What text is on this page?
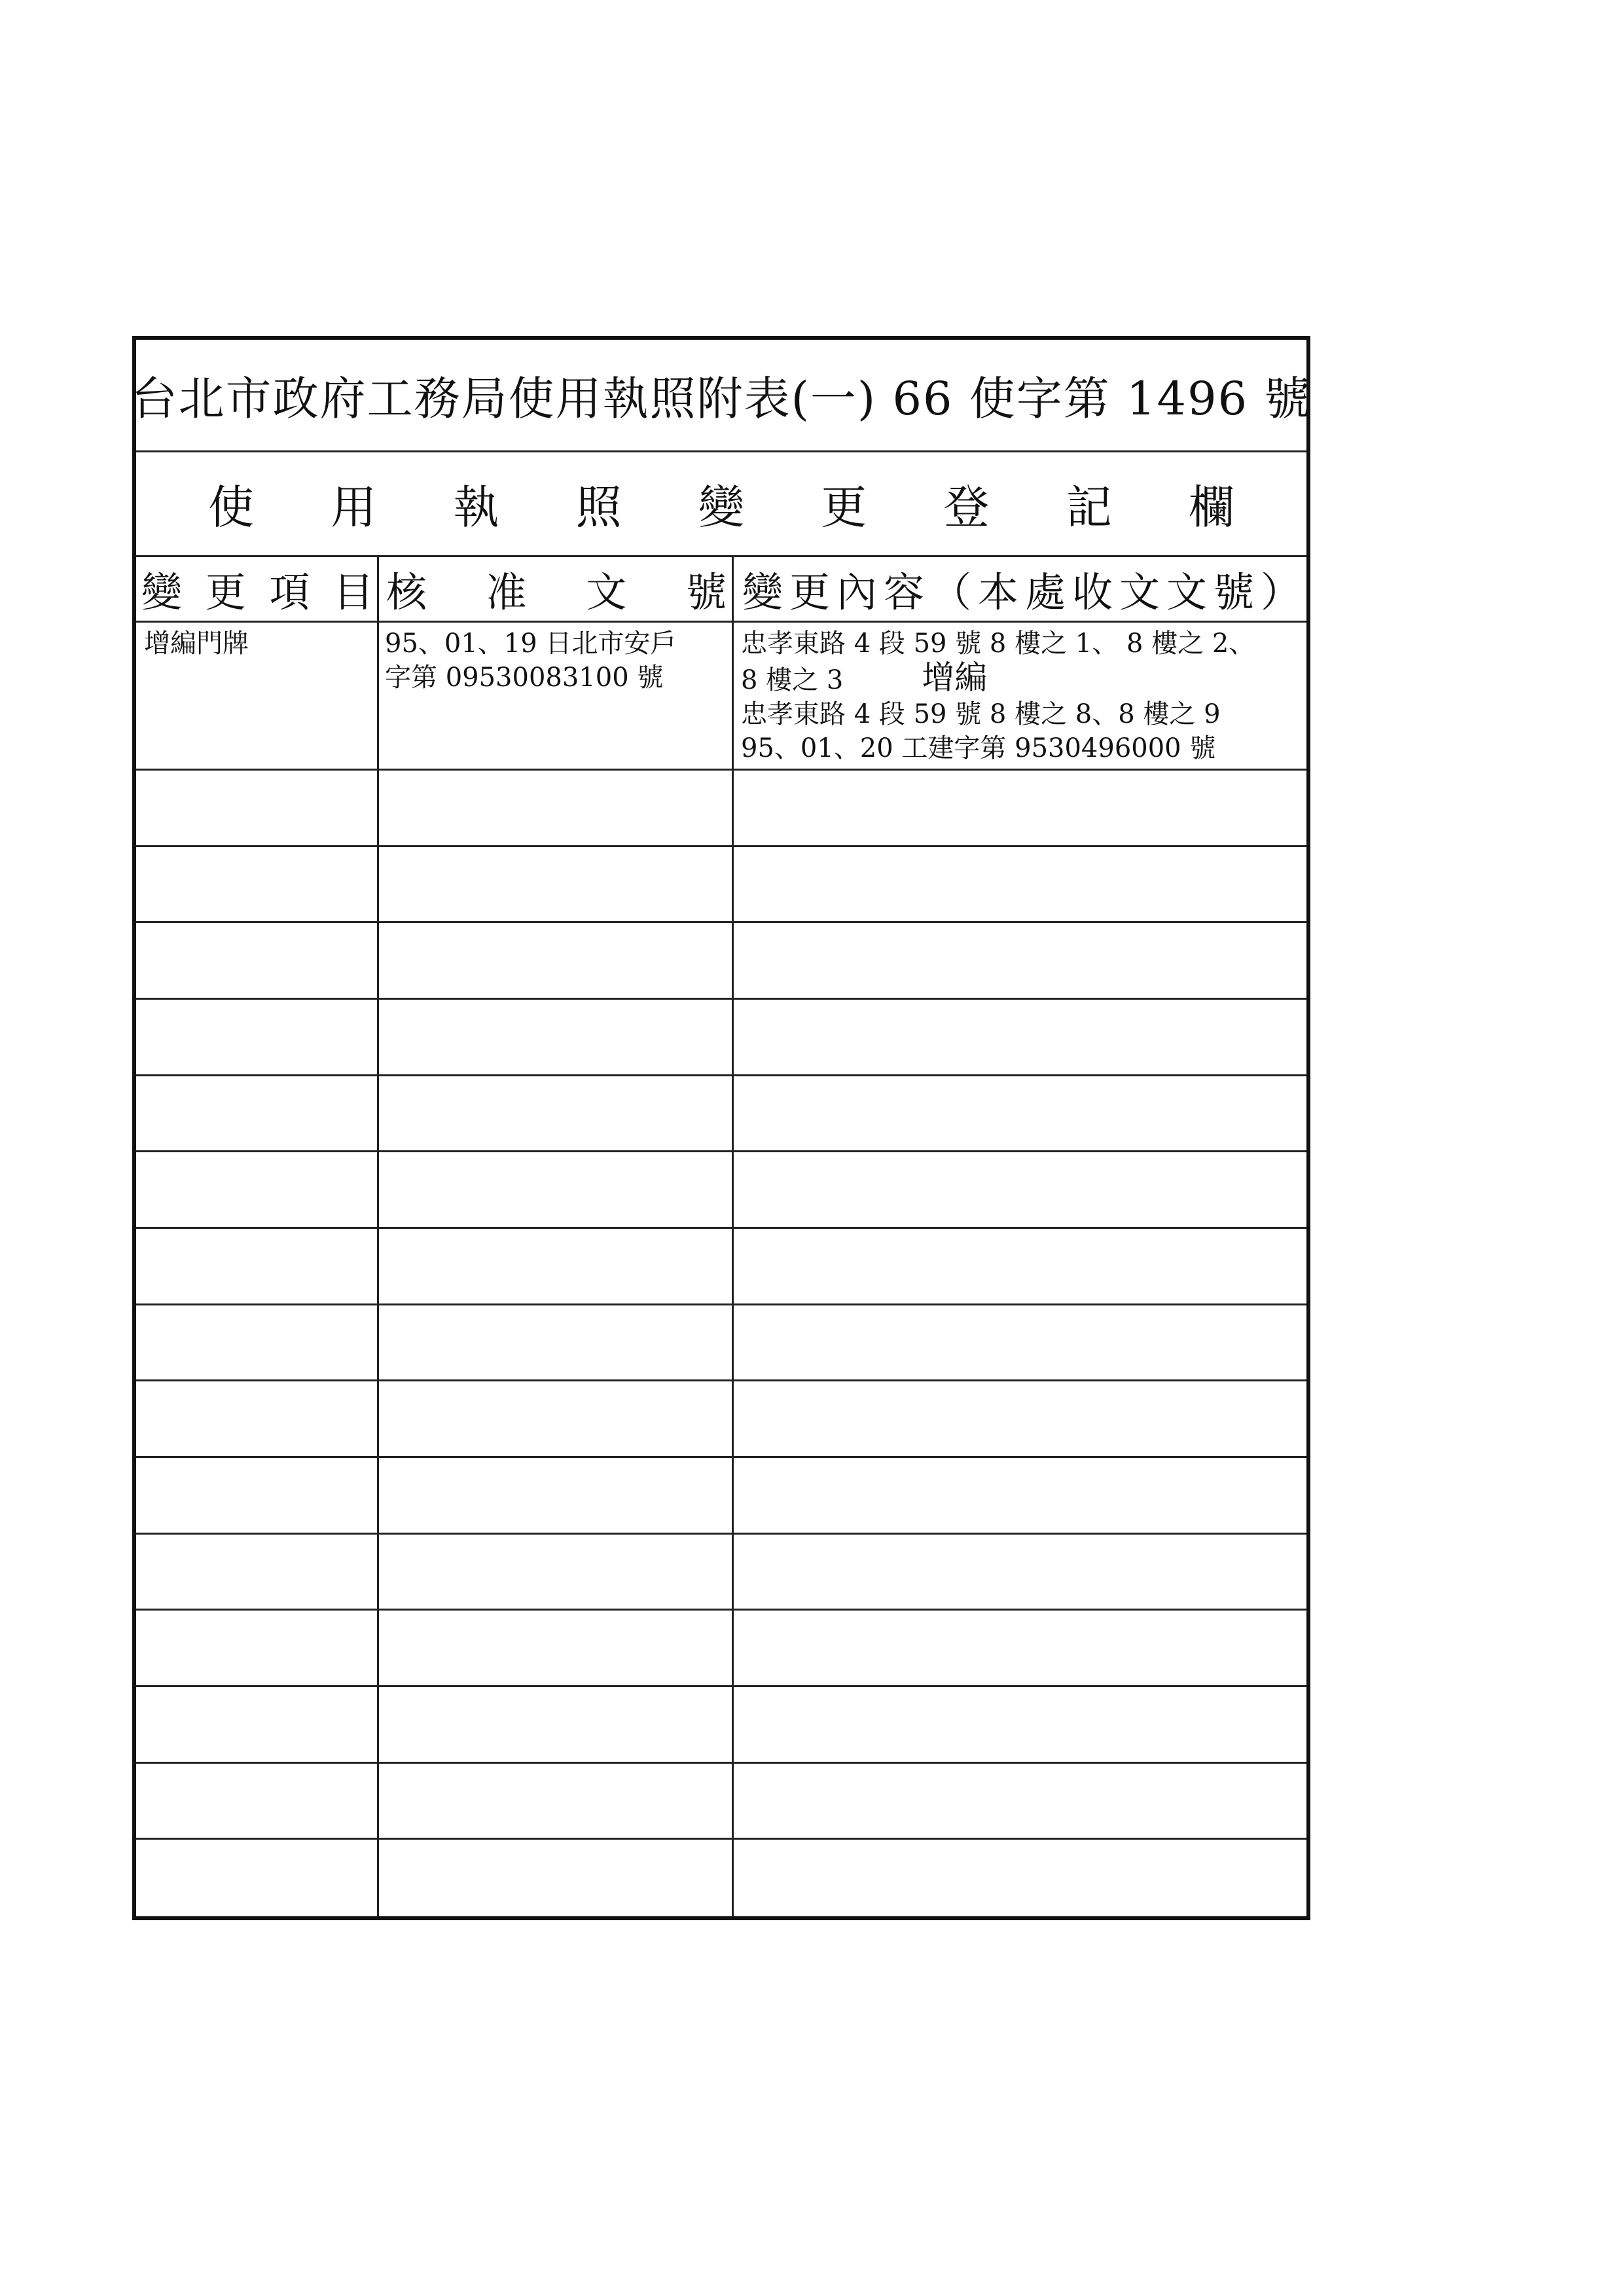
台北市政府工務局使用執照附表(一) 66 使字第 1496 號
使 用 執 照 變 更 登 記 欄
變 更 項 目 核 准 文 號 變更內容（本處收文文號）
增編門牌	95、01、19 日北市安戶
字第 09530083100 號
忠孝東路 4 段 59 號 8 樓之 1、 8 樓之 2、
8 樓之 3 增編
忠孝東路 4 段 59 號 8 樓之 8、8 樓之 9
95、01、20 工建字第 9530496000 號
